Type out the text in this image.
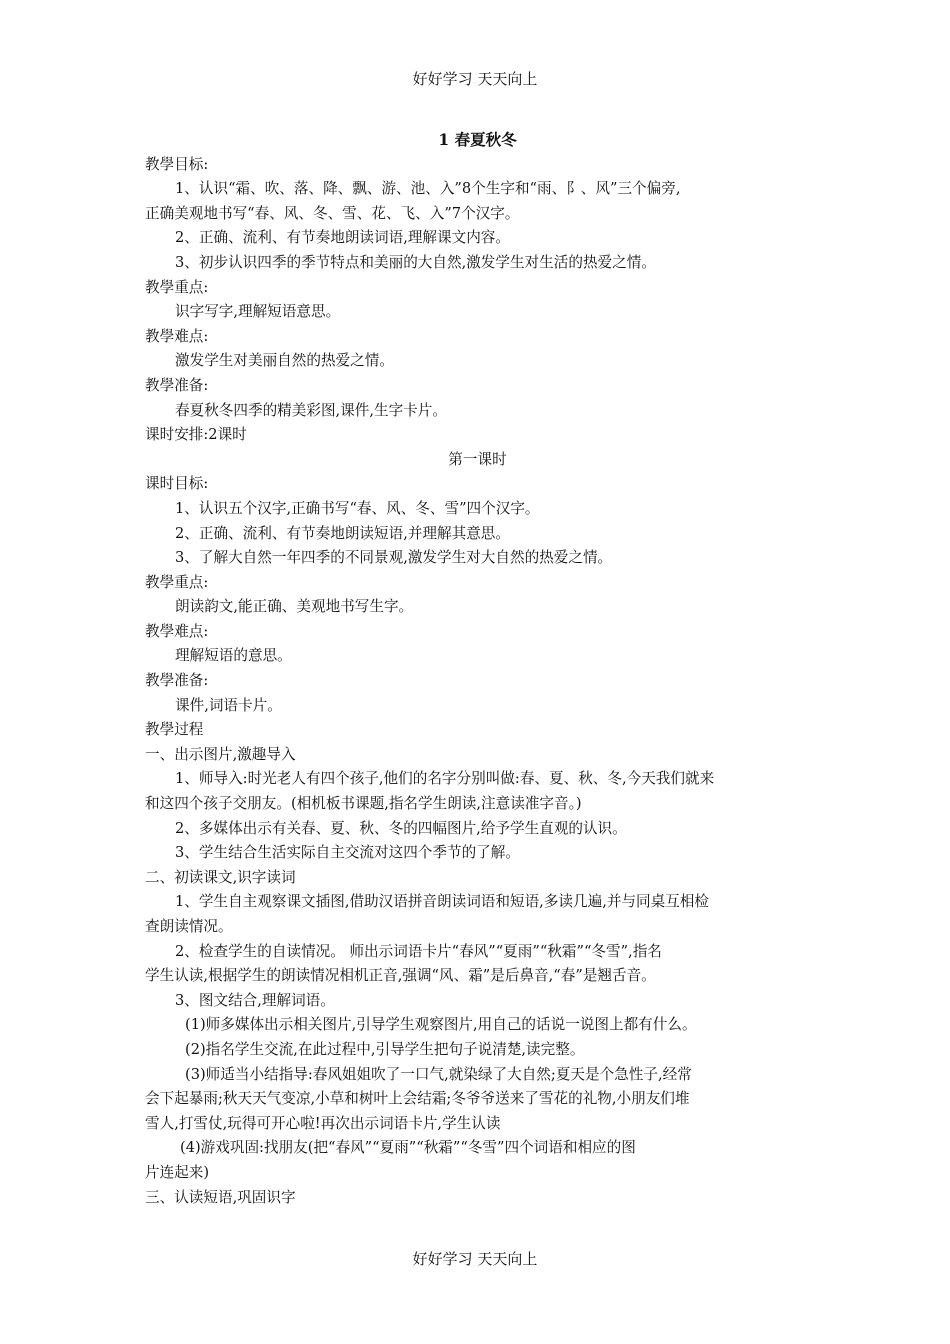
好好学习 天天向上
1 春夏秋冬
教學目标:
1、认识“霜、吹、落、降、飘、游、池、入”8个生字和“雨、阝、风”三个偏旁,
正确美观地书写“春、风、冬、雪、花、飞、入”7个汉字。
2、正确、流利、有节奏地朗读词语,理解课文内容。
3、初步认识四季的季节特点和美丽的大自然,激发学生对生活的热爱之情。
教學重点:
识字写字,理解短语意思。
教學难点:
激发学生对美丽自然的热爱之情。
教學准备:
春夏秋冬四季的精美彩图,课件,生字卡片。
课时安排:2课时
第一课时
课时目标:
1、认识五个汉字,正确书写“春、风、冬、雪”四个汉字。
2、正确、流利、有节奏地朗读短语,并理解其意思。
3、了解大自然一年四季的不同景观,激发学生对大自然的热爱之情。
教學重点:
朗读韵文,能正确、美观地书写生字。
教學难点:
理解短语的意思。
教學准备:
课件,词语卡片。
教學过程
一、出示图片,激趣导入
1、师导入:时光老人有四个孩子,他们的名字分别叫做:春、夏、秋、冬,今天我们就来
和这四个孩子交朋友。(相机板书课题,指名学生朗读,注意读准字音。)
2、多媒体出示有关春、夏、秋、冬的四幅图片,给予学生直观的认识。
3、学生结合生活实际自主交流对这四个季节的了解。
二、初读课文,识字读词
1、学生自主观察课文插图,借助汉语拼音朗读词语和短语,多读几遍,并与同桌互相检
查朗读情况。
2、检查学生的自读情况。 师出示词语卡片“春风”“夏雨”“秋霜”“冬雪”,指名
学生认读,根据学生的朗读情况相机正音,强调“风、霜”是后鼻音,“春”是翘舌音。
3、图文结合,理解词语。
(1)师多媒体出示相关图片,引导学生观察图片,用自己的话说一说图上都有什么。
(2)指名学生交流,在此过程中,引导学生把句子说清楚,读完整。
(3)师适当小结指导:春风姐姐吹了一口气,就染绿了大自然;夏天是个急性子,经常
会下起暴雨;秋天天气变凉,小草和树叶上会结霜;冬爷爷送来了雪花的礼物,小朋友们堆
雪人,打雪仗,玩得可开心啦!再次出示词语卡片,学生认读
(4)游戏巩固:找朋友(把“春风”“夏雨”“秋霜”“冬雪”四个词语和相应的图
片连起来)
三、认读短语,巩固识字
好好学习 天天向上
